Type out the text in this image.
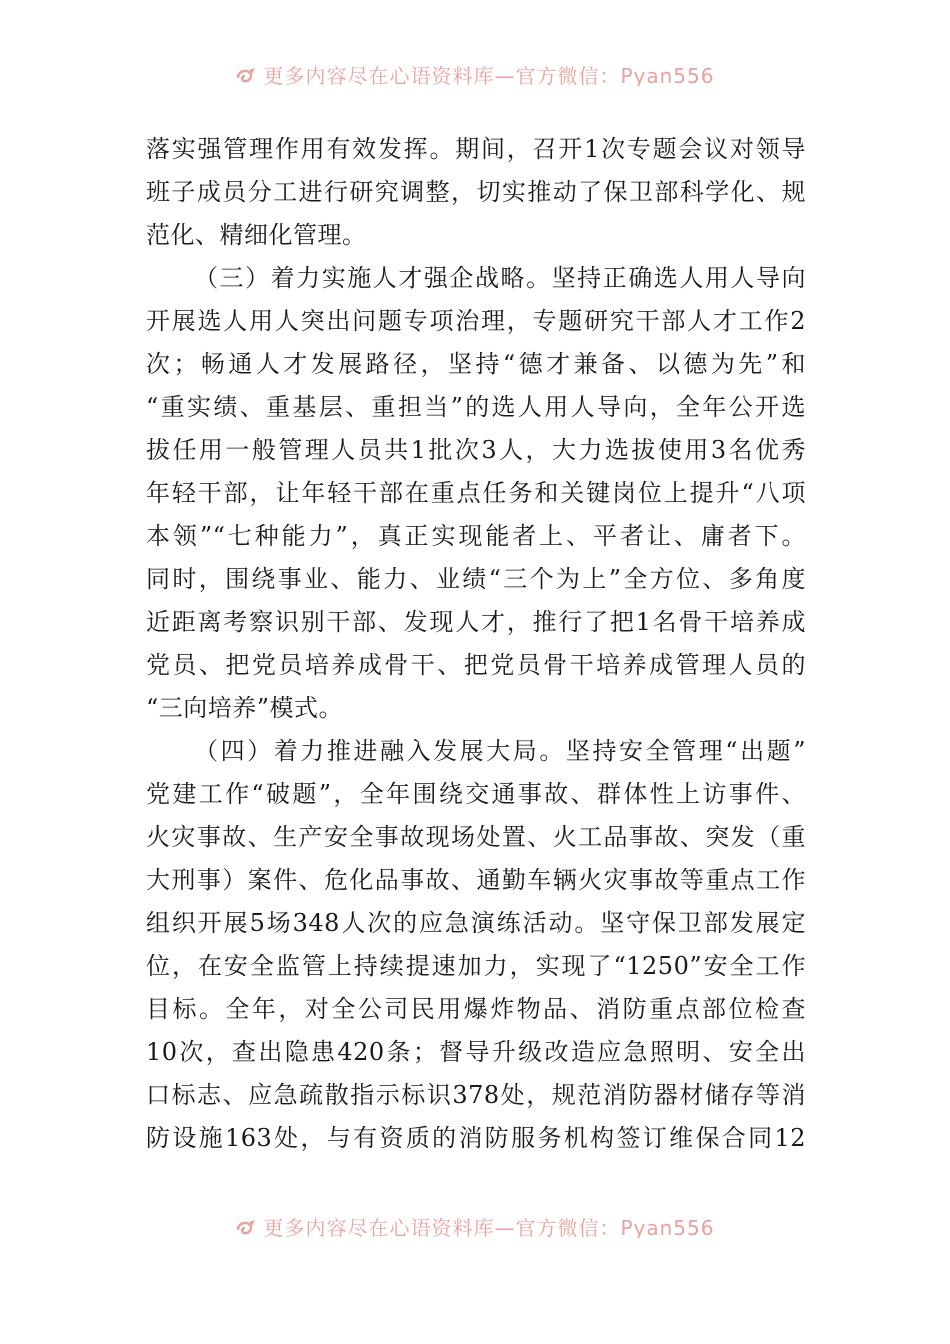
更多内容尽在心语资料库—官方微信：Pyan556
落实强管理作用有效发挥。期间，召开1次专题会议对领导
班子成员分工进行研究调整，切实推动了保卫部科学化、规
范化、精细化管理。
（三）着力实施人才强企战略。坚持正确选人用人导向
开展选人用人突出问题专项治理，专题研究干部人才工作2
次；畅通人才发展路径，坚持“德才兼备、以德为先”和
“重实绩、重基层、重担当”的选人用人导向，全年公开选
拔任用一般管理人员共1批次3人，大力选拔使用3名优秀
年轻干部，让年轻干部在重点任务和关键岗位上提升“八项
本领”“七种能力”，真正实现能者上、平者让、庸者下。
同时，围绕事业、能力、业绩“三个为上”全方位、多角度
近距离考察识别干部、发现人才，推行了把1名骨干培养成
党员、把党员培养成骨干、把党员骨干培养成管理人员的
“三向培养”模式。
（四）着力推进融入发展大局。坚持安全管理“出题”
党建工作“破题”，全年围绕交通事故、群体性上访事件、
火灾事故、生产安全事故现场处置、火工品事故、突发（重
大刑事）案件、危化品事故、通勤车辆火灾事故等重点工作
组织开展5场348人次的应急演练活动。坚守保卫部发展定
位，在安全监管上持续提速加力，实现了“1250”安全工作
目标。全年，对全公司民用爆炸物品、消防重点部位检查
10次，查出隐患420条；督导升级改造应急照明、安全出
口标志、应急疏散指示标识378处，规范消防器材储存等消
防设施163处，与有资质的消防服务机构签订维保合同12
更多内容尽在心语资料库—官方微信：Pyan556
